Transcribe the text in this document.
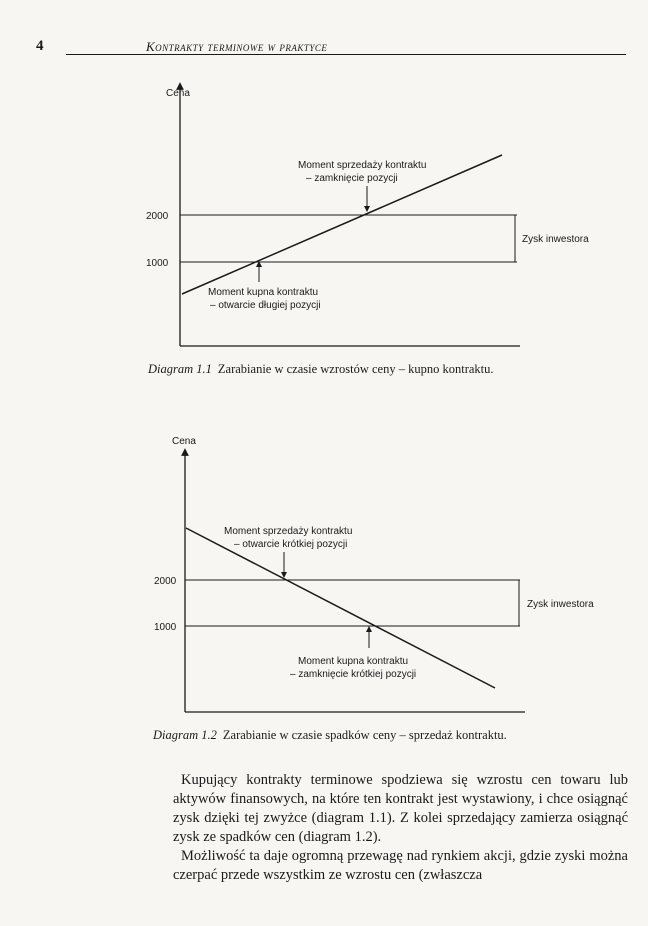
4	Kontrakty terminowe w praktyce
Cena
2000
1000
Moment sprzedaży kontraktu
– zamknięcie pozycji
Moment kupna kontraktu
– otwarcie długiej pozycji
Zysk inwestora
Diagram 1.1 Zarabianie w czasie wzrostów ceny – kupno kontraktu.
Cena
2000
1000
Moment sprzedaży kontraktu
– otwarcie krótkiej pozycji
Moment kupna kontraktu
– zamknięcie krótkiej pozycji
Zysk inwestora
Diagram 1.2 Zarabianie w czasie spadków ceny – sprzedaż kontraktu.

Kupujący kontrakty terminowe spodziewa się wzrostu cen towaru lub aktywów finansowych, na które ten kontrakt jest wystawiony, i chce osiągnąć zysk dzięki tej zwyżce (diagram 1.1). Z kolei sprzedający zamierza osiągnąć zysk ze spadków cen (diagram 1.2).

Możliwość ta daje ogromną przewagę nad rynkiem akcji, gdzie zyski można czerpać przede wszystkim ze wzrostu cen (zwłaszcza
